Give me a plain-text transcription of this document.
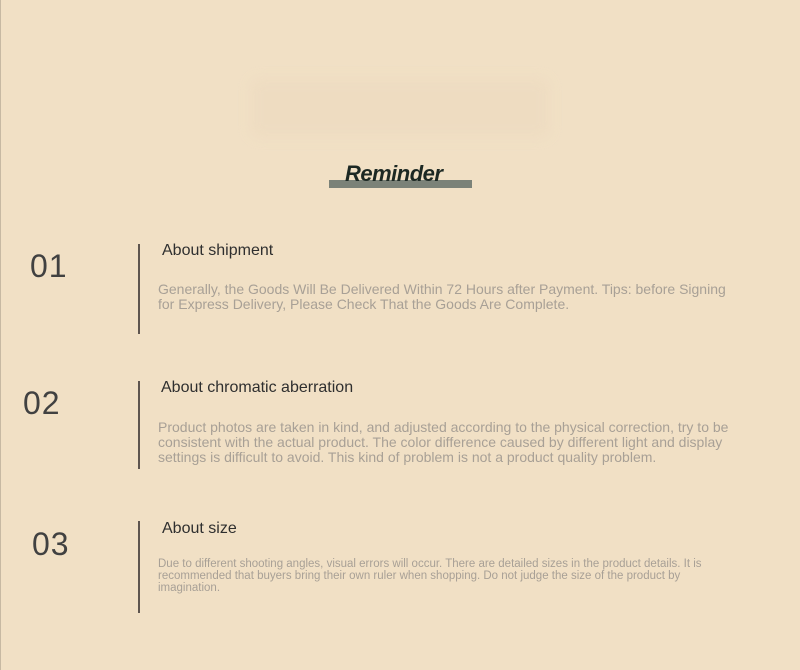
Reminder
01	About shipment
Generally, the Goods Will Be Delivered Within 72 Hours after Payment. Tips: before Signing for Express Delivery, Please Check That the Goods Are Complete.
02	About chromatic aberration
Product photos are taken in kind, and adjusted according to the physical correction, try to be consistent with the actual product. The color difference caused by different light and display settings is difficult to avoid. This kind of problem is not a product quality problem.
03	About size
Due to different shooting angles, visual errors will occur. There are detailed sizes in the product details. It is recommended that buyers bring their own ruler when shopping. Do not judge the size of the product by imagination.
